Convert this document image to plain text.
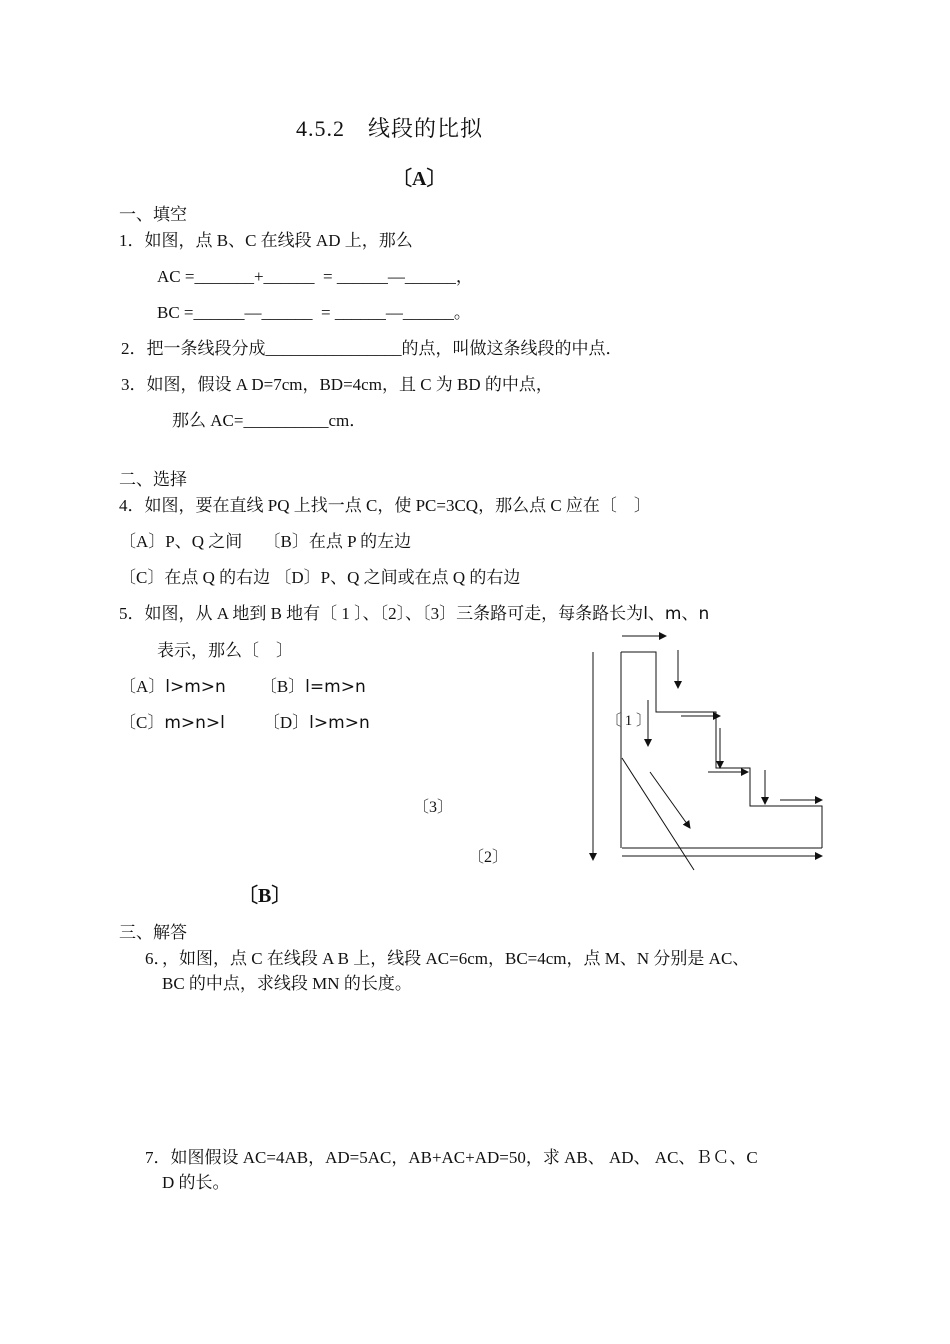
4.5.2　线段的比拟
〔A〕
一、填空
1．如图，点 B、C 在线段 AD 上，那么
AC =_______+______  = ______—______，
BC =______—______  = ______—______。
2．把一条线段分成________________的点，叫做这条线段的中点．
3．如图，假设 A D=7cm，BD=4cm，且 C 为 BD 的中点，
那么 AC=__________cm．
二、选择
4．如图，要在直线 PQ 上找一点 C，使 PC=3CQ，那么点 C 应在〔　〕
〔A〕P、Q 之间　 〔B〕在点 P 的左边
〔C〕在点 Q 的右边 〔D〕P、Q 之间或在点 Q 的右边
5．如图，从 A 地到 B 地有〔 1 〕、〔2〕、〔3〕三条路可走，每条路长为l、m、n
表示，那么〔　〕
〔A〕l>m>n 〔B〕l=m>n
〔C〕m>n>l 〔D〕l>m>n	〔 1 〕
〔3〕
〔2〕
〔B〕
三、解答
6．，如图，点 C 在线段 A B 上，线段 AC=6cm，BC=4cm，点 M、N 分别是 AC、
BC 的中点，求线段 MN 的长度。
7．如图假设 AC=4AB，AD=5AC，AB+AC+AD=50，求 AB、 AD、 AC、ＢＣ、C
D 的长。
